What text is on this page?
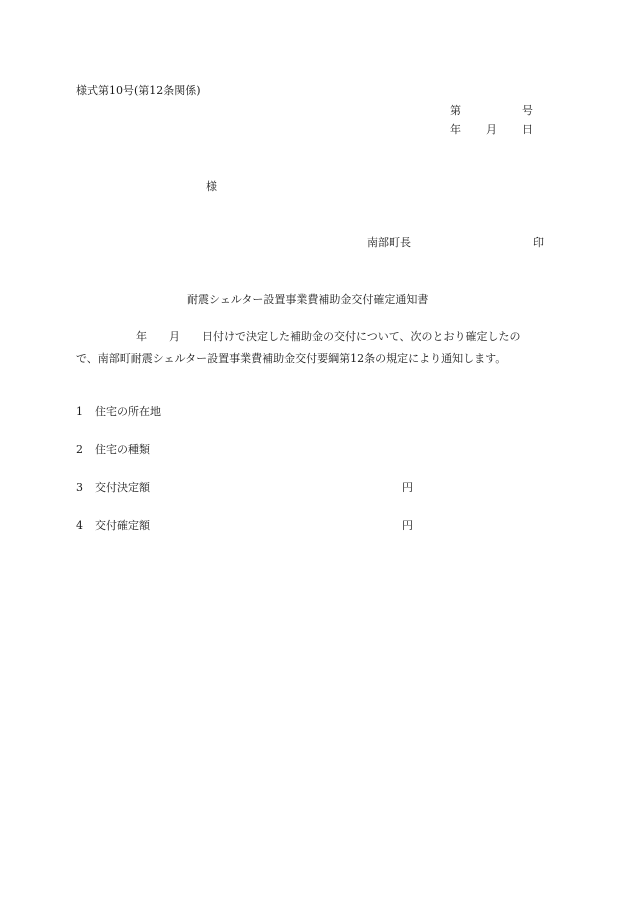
様式第10号(第12条関係)
第	号
年 月 日
様
南部町長	印
耐震シェルター設置事業費補助金交付確定通知書
年 月 日付けで決定した補助金の交付について、次のとおり確定したの
で、南部町耐震シェルター設置事業費補助金交付要綱第12条の規定により通知します。
1 住宅の所在地
2 住宅の種類
3 交付決定額	円
4 交付確定額	円
